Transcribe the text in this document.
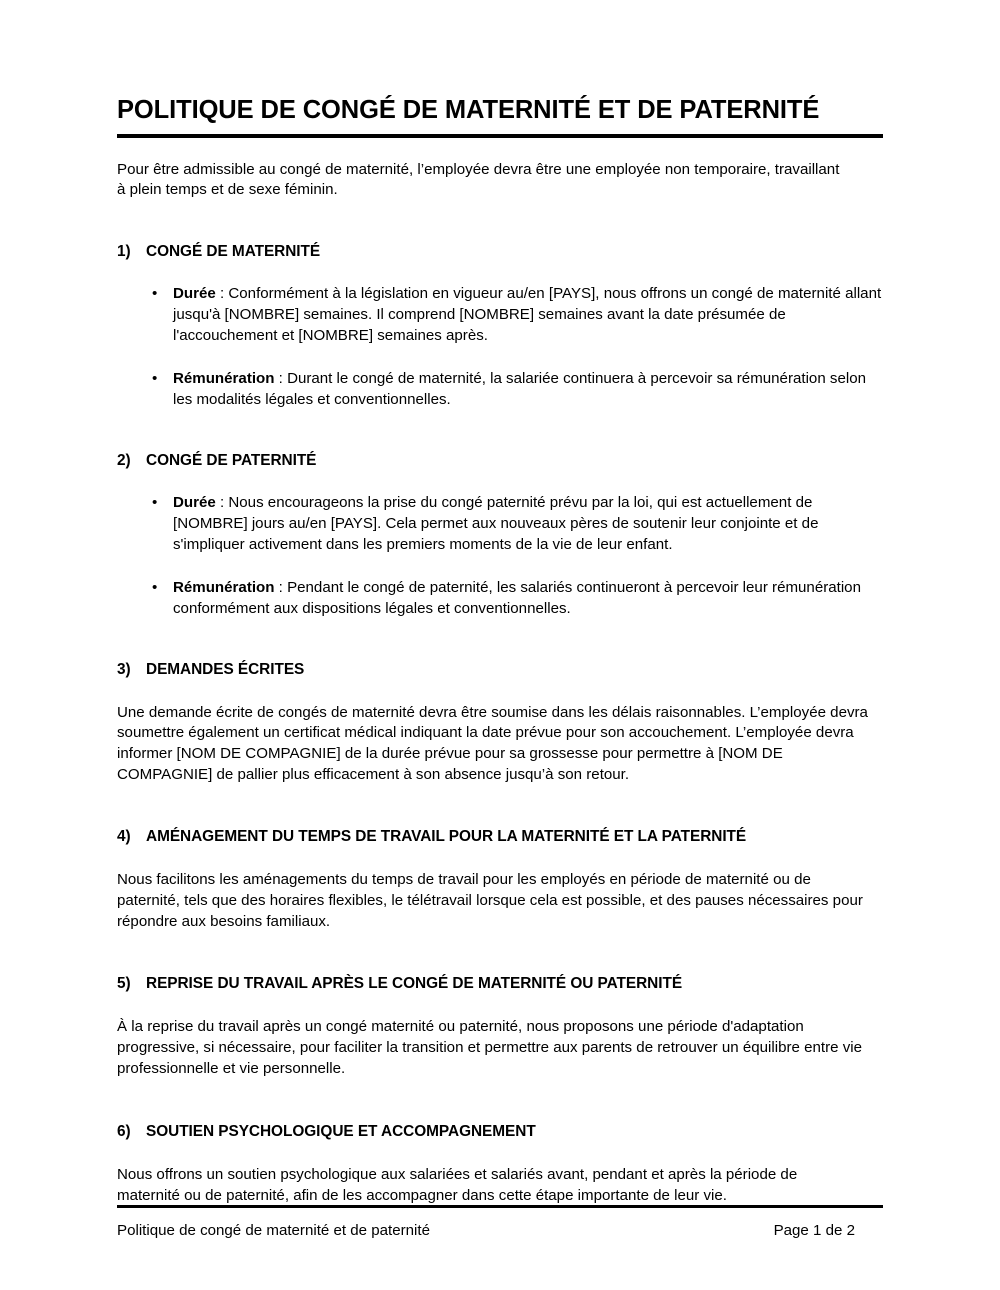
POLITIQUE DE CONGÉ DE MATERNITÉ ET DE PATERNITÉ

Pour être admissible au congé de maternité, l’employée devra être une employée non temporaire, travaillant à plein temps et de sexe féminin.

1) CONGÉ DE MATERNITÉ
• Durée : Conformément à la législation en vigueur au/en [PAYS], nous offrons un congé de maternité allant jusqu'à [NOMBRE] semaines. Il comprend [NOMBRE] semaines avant la date présumée de l'accouchement et [NOMBRE] semaines après.
• Rémunération : Durant le congé de maternité, la salariée continuera à percevoir sa rémunération selon les modalités légales et conventionnelles.
2) CONGÉ DE PATERNITÉ
• Durée : Nous encourageons la prise du congé paternité prévu par la loi, qui est actuellement de [NOMBRE] jours au/en [PAYS]. Cela permet aux nouveaux pères de soutenir leur conjointe et de s'impliquer activement dans les premiers moments de la vie de leur enfant.
• Rémunération : Pendant le congé de paternité, les salariés continueront à percevoir leur rémunération conformément aux dispositions légales et conventionnelles.
3) DEMANDES ÉCRITES

Une demande écrite de congés de maternité devra être soumise dans les délais raisonnables. L’employée devra soumettre également un certificat médical indiquant la date prévue pour son accouchement. L’employée devra informer [NOM DE COMPAGNIE] de la durée prévue pour sa grossesse pour permettre à [NOM DE COMPAGNIE] de pallier plus efficacement à son absence jusqu’à son retour.

4) AMÉNAGEMENT DU TEMPS DE TRAVAIL POUR LA MATERNITÉ ET LA PATERNITÉ

Nous facilitons les aménagements du temps de travail pour les employés en période de maternité ou de paternité, tels que des horaires flexibles, le télétravail lorsque cela est possible, et des pauses nécessaires pour répondre aux besoins familiaux.

5) REPRISE DU TRAVAIL APRÈS LE CONGÉ DE MATERNITÉ OU PATERNITÉ

À la reprise du travail après un congé maternité ou paternité, nous proposons une période d'adaptation progressive, si nécessaire, pour faciliter la transition et permettre aux parents de retrouver un équilibre entre vie professionnelle et vie personnelle.

6) SOUTIEN PSYCHOLOGIQUE ET ACCOMPAGNEMENT

Nous offrons un soutien psychologique aux salariées et salariés avant, pendant et après la période de maternité ou de paternité, afin de les accompagner dans cette étape importante de leur vie.

Politique de congé de maternité et de paternité	Page 1 de 2
